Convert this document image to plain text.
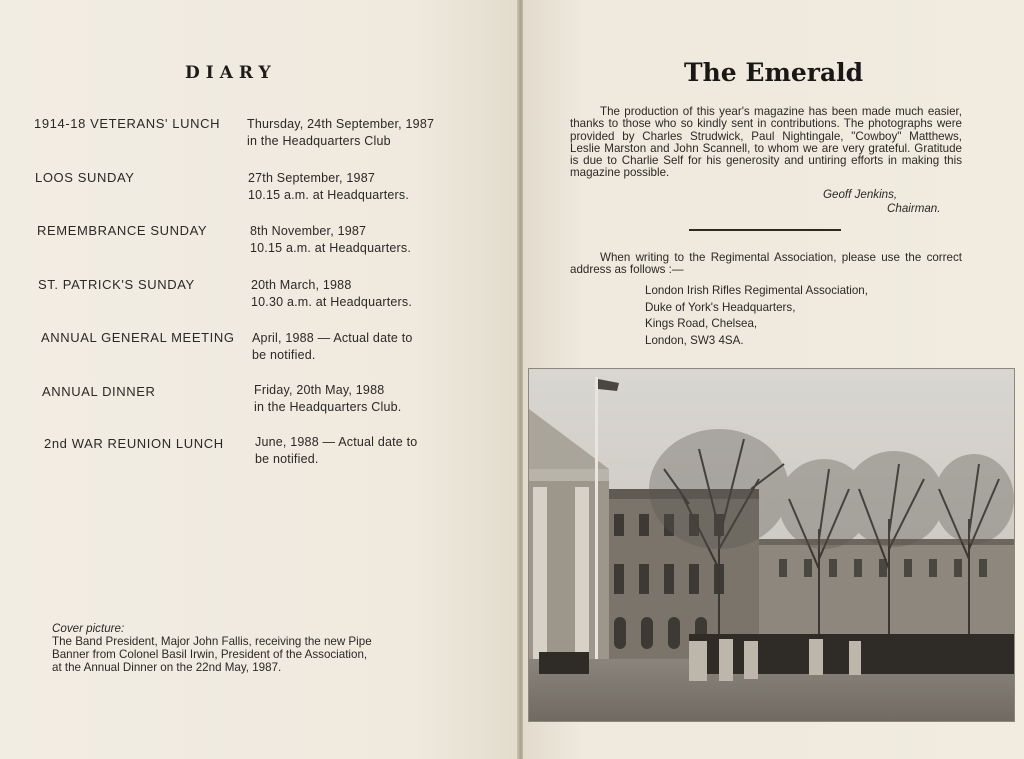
DIARY
1914-18 VETERANS' LUNCH Thursday, 24th September, 1987
in the Headquarters Club
LOOS SUNDAY	27th September, 1987
10.15 a.m. at Headquarters.
REMEMBRANCE SUNDAY	8th November, 1987
10.15 a.m. at Headquarters.
ST. PATRICK'S SUNDAY	20th March, 1988
10.30 a.m. at Headquarters.
ANNUAL GENERAL MEETING April, 1988 — Actual date to
be notified.
ANNUAL DINNER	Friday, 20th May, 1988
in the Headquarters Club.
2nd WAR REUNION LUNCH	June, 1988 — Actual date to
be notified.
Cover picture:
The Band President, Major John Fallis, receiving the new Pipe
Banner from Colonel Basil Irwin, President of the Association,
at the Annual Dinner on the 22nd May, 1987.
The Emerald
The production of this year's magazine has been made much easier, thanks to those who so kindly sent in contributions. The photographs were provided by Charles Strudwick, Paul Nightingale, "Cowboy" Matthews, Leslie Marston and John Scannell, to whom we are very grateful. Gratitude is due to Charlie Self for his generosity and untiring efforts in making this magazine possible.
Geoff Jenkins,
Chairman.
When writing to the Regimental Association, please use the correct address as follows :—
London Irish Rifles Regimental Association,
Duke of York's Headquarters,
Kings Road, Chelsea,
London, SW3 4SA.
